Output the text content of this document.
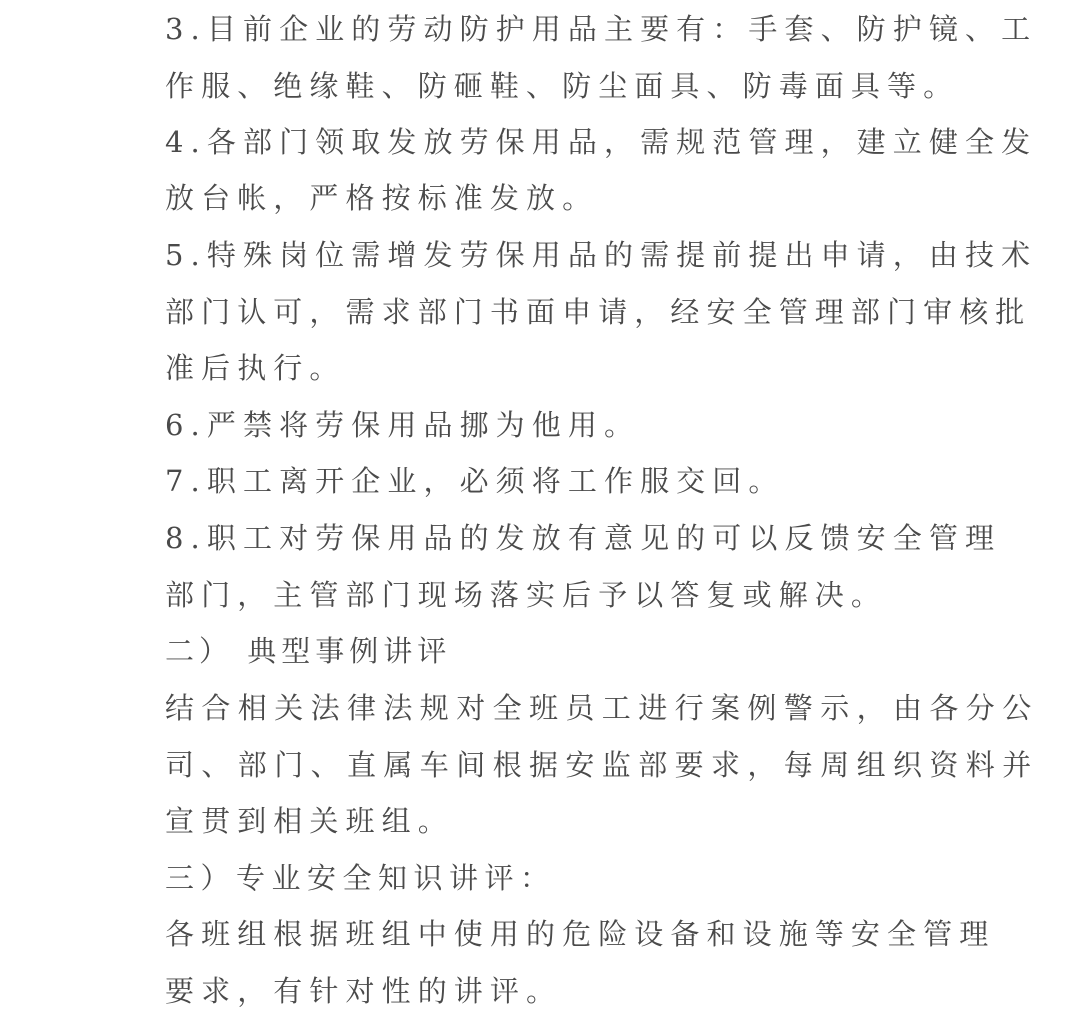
3.目前企业的劳动防护用品主要有：手套、防护镜、工
作服、绝缘鞋、防砸鞋、防尘面具、防毒面具等。
4.各部门领取发放劳保用品，需规范管理，建立健全发
放台帐，严格按标准发放。
5.特殊岗位需增发劳保用品的需提前提出申请，由技术
部门认可，需求部门书面申请，经安全管理部门审核批
准后执行。
6.严禁将劳保用品挪为他用。
7.职工离开企业，必须将工作服交回。
8.职工对劳保用品的发放有意见的可以反馈安全管理
部门，主管部门现场落实后予以答复或解决。
二） 典型事例讲评
结合相关法律法规对全班员工进行案例警示，由各分公
司、部门、直属车间根据安监部要求，每周组织资料并
宣贯到相关班组。
三）专业安全知识讲评：
各班组根据班组中使用的危险设备和设施等安全管理
要求，有针对性的讲评。
